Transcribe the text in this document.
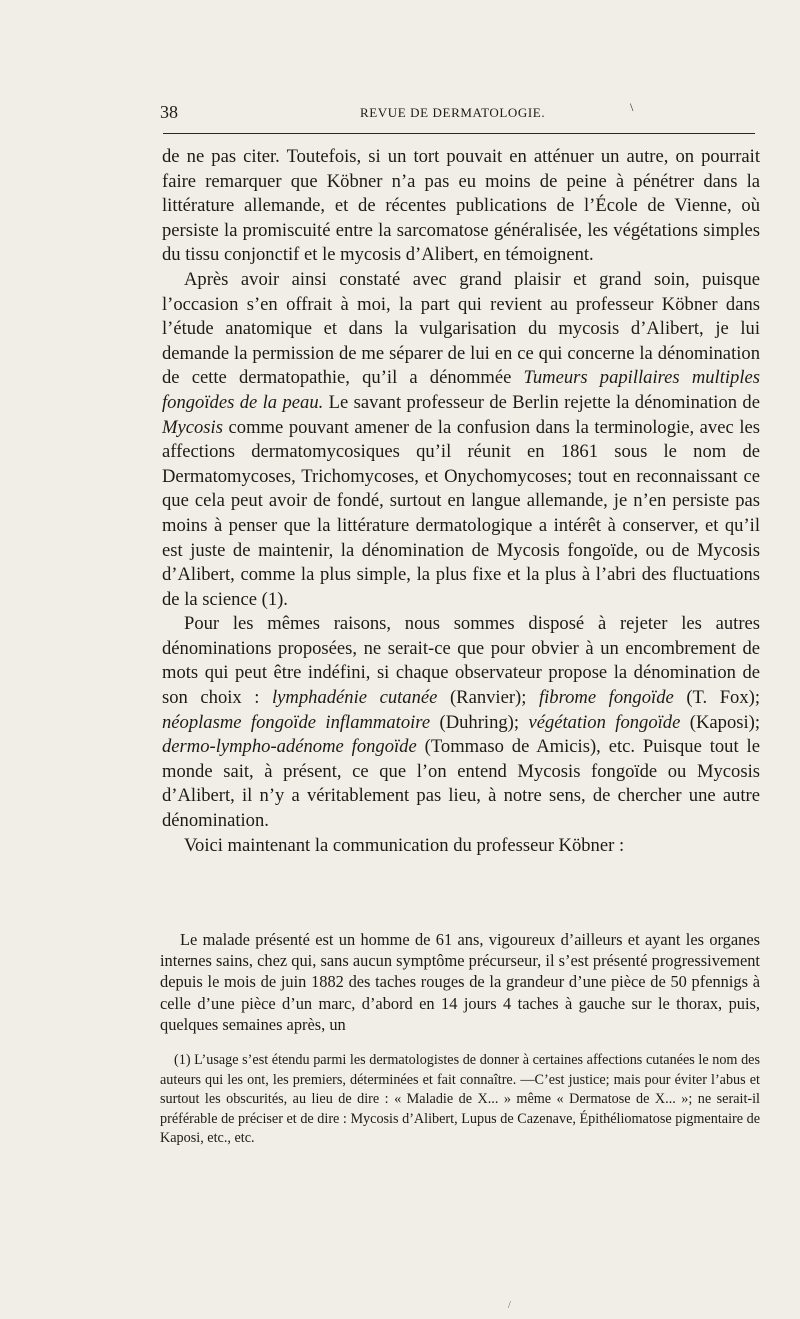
38	REVUE DE DERMATOLOGIE.	\

de ne pas citer. Toutefois, si un tort pouvait en atténuer un autre, on pourrait faire remarquer que Köbner n’a pas eu moins de peine à pénétrer dans la littérature allemande, et de récentes publications de l’École de Vienne, où persiste la promiscuité entre la sarcomatose généralisée, les végétations simples du tissu conjonctif et le mycosis d’Alibert, en témoignent.

Après avoir ainsi constaté avec grand plaisir et grand soin, puisque l’occasion s’en offrait à moi, la part qui revient au professeur Köbner dans l’étude anatomique et dans la vulgarisation du mycosis d’Alibert, je lui demande la permission de me séparer de lui en ce qui concerne la dénomination de cette dermatopathie, qu’il a dénommée Tumeurs papillaires multiples fongoïdes de la peau. Le savant professeur de Berlin rejette la dénomination de Mycosis comme pouvant amener de la confusion dans la terminologie, avec les affections dermatomycosiques qu’il réunit en 1861 sous le nom de Dermatomycoses, Trichomycoses, et Onychomycoses; tout en reconnaissant ce que cela peut avoir de fondé, surtout en langue allemande, je n’en persiste pas moins à penser que la littérature dermatologique a intérêt à conserver, et qu’il est juste de maintenir, la dénomination de Mycosis fongoïde, ou de Mycosis d’Alibert, comme la plus simple, la plus fixe et la plus à l’abri des fluctuations de la science (1).

Pour les mêmes raisons, nous sommes disposé à rejeter les autres dénominations proposées, ne serait-ce que pour obvier à un encombrement de mots qui peut être indéfini, si chaque observateur propose la dénomination de son choix : lymphadénie cutanée (Ranvier); fibrome fongoïde (T. Fox); néoplasme fongoïde inflammatoire (Duhring); végétation fongoïde (Kaposi); dermo-lympho-adénome fongoïde (Tommaso de Amicis), etc. Puisque tout le monde sait, à présent, ce que l’on entend Mycosis fongoïde ou Mycosis d’Alibert, il n’y a véritablement pas lieu, à notre sens, de chercher une autre dénomination.

Voici maintenant la communication du professeur Köbner :

Le malade présenté est un homme de 61 ans, vigoureux d’ailleurs et ayant les organes internes sains, chez qui, sans aucun symptôme précurseur, il s’est présenté progressivement depuis le mois de juin 1882 des taches rouges de la grandeur d’une pièce de 50 pfennigs à celle d’une pièce d’un marc, d’abord en 14 jours 4 taches à gauche sur le thorax, puis, quelques semaines après, un

(1) L’usage s’est étendu parmi les dermatologistes de donner à certaines affections cutanées le nom des auteurs qui les ont, les premiers, déterminées et fait connaître. —C’est justice; mais pour éviter l’abus et surtout les obscurités, au lieu de dire : « Maladie de X... » même « Dermatose de X... »; ne serait-il préférable de préciser et de dire : Mycosis d’Alibert, Lupus de Cazenave, Épithéliomatose pigmentaire de Kaposi, etc., etc.

/
